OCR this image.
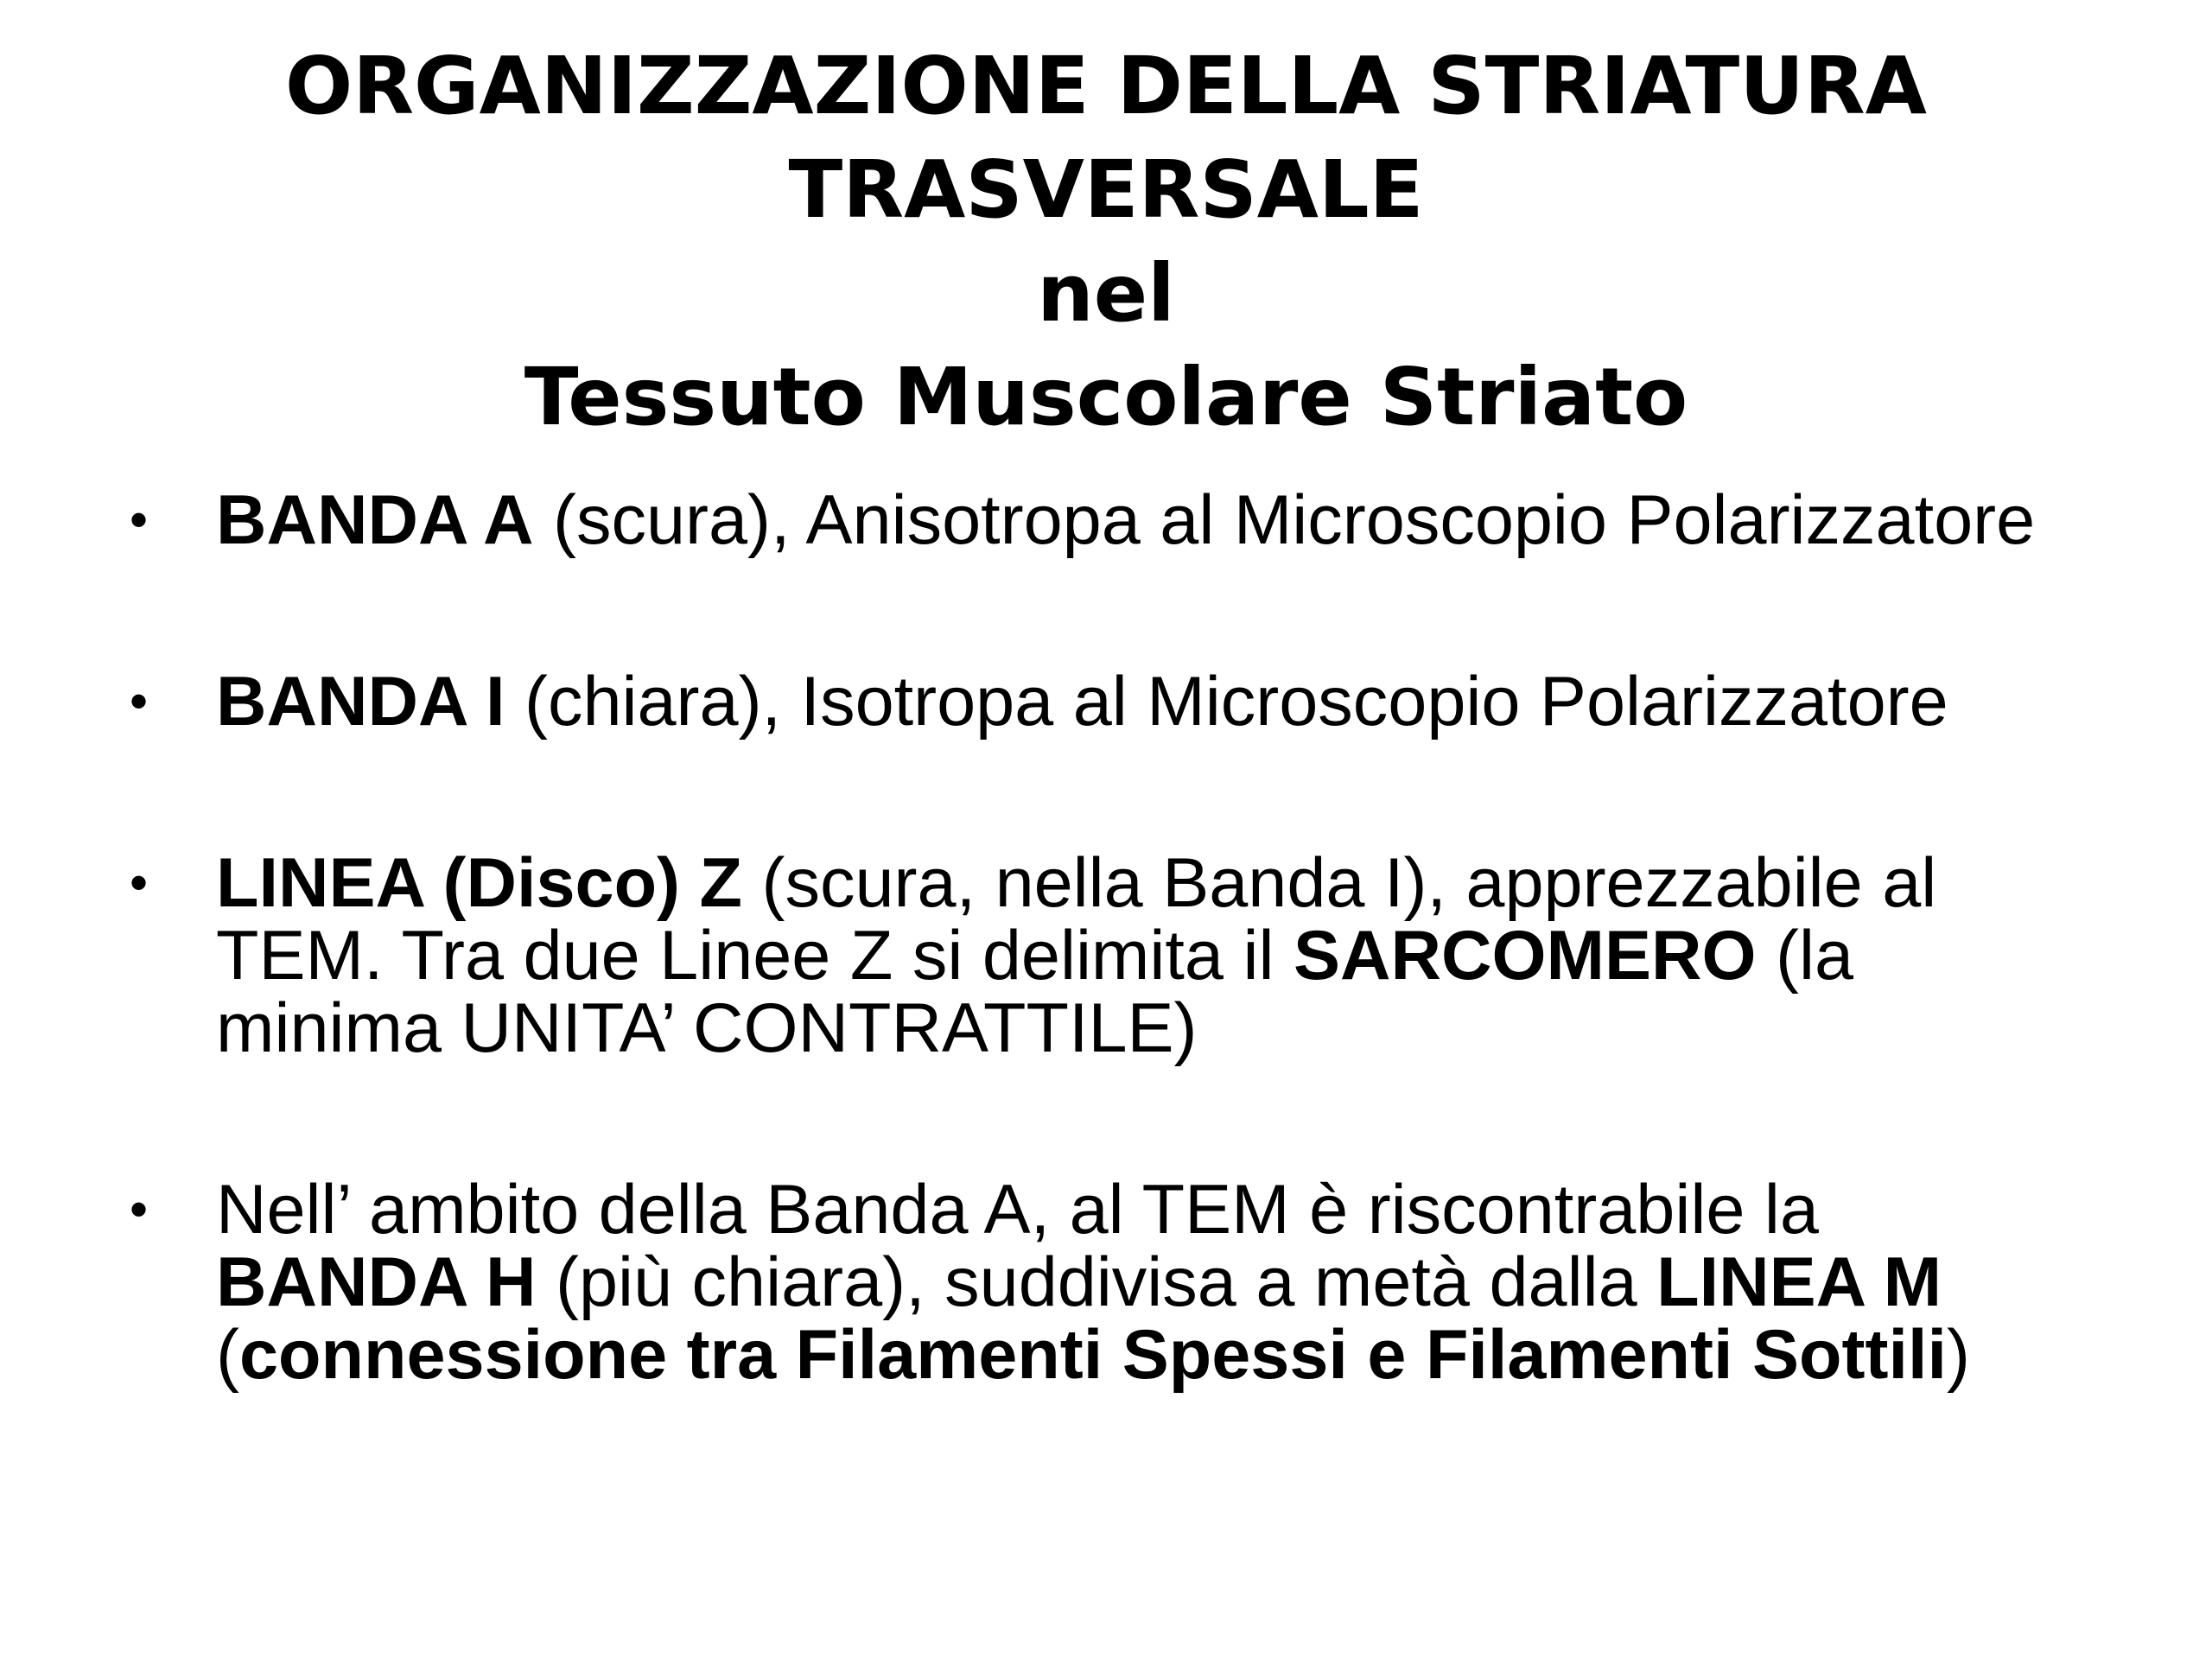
ORGANIZZAZIONE DELLA STRIATURA
TRASVERSALE
nel
Tessuto Muscolare Striato
• BANDA A (scura), Anisotropa al Microscopio Polarizzatore
• BANDA I (chiara), Isotropa al Microscopio Polarizzatore
• LINEA (Disco) Z (scura, nella Banda I), apprezzabile al TEM. Tra due Linee Z si delimita il SARCOMERO (la minima UNITA’ CONTRATTILE)
• Nell’ ambito della Banda A, al TEM è riscontrabile la BANDA H (più chiara), suddivisa a metà dalla LINEA M (connessione tra Filamenti Spessi e Filamenti Sottili)
